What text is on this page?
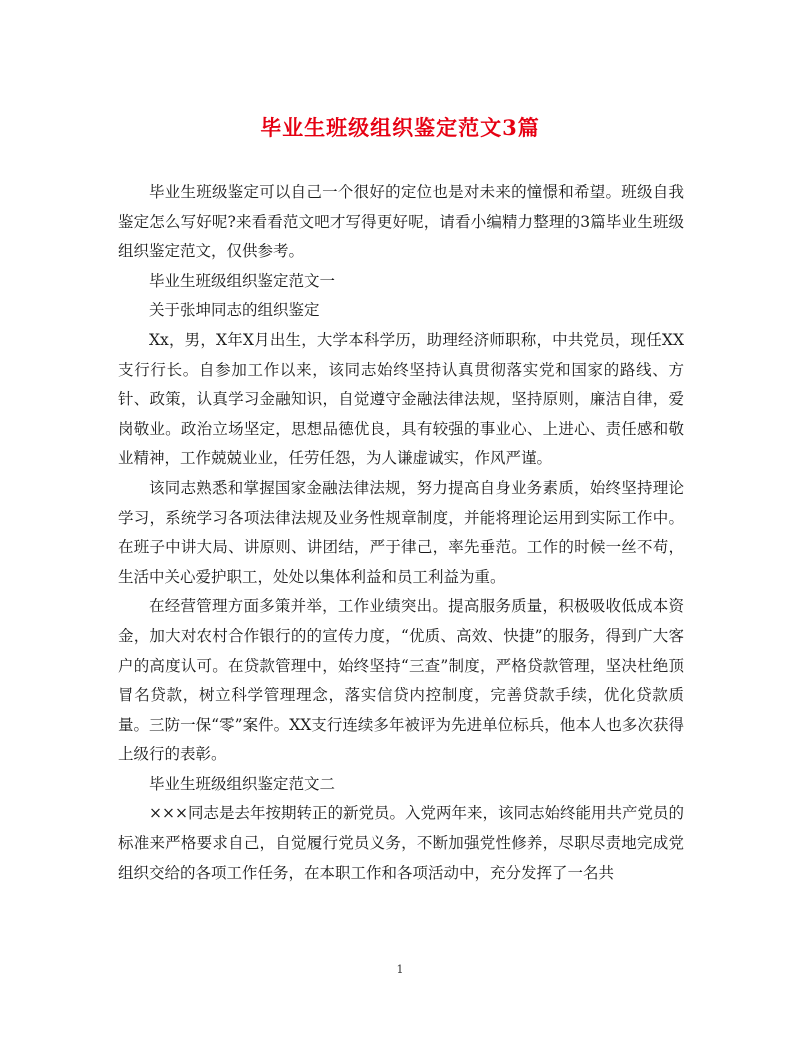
毕业生班级组织鉴定范文3篇

毕业生班级鉴定可以自己一个很好的定位也是对未来的憧憬和希望。班级自我鉴定怎么写好呢?来看看范文吧才写得更好呢，请看小编精力整理的3篇毕业生班级组织鉴定范文，仅供参考。

毕业生班级组织鉴定范文一

关于张坤同志的组织鉴定

Xx，男，X年X月出生，大学本科学历，助理经济师职称，中共党员，现任XX支行行长。自参加工作以来，该同志始终坚持认真贯彻落实党和国家的路线、方针、政策，认真学习金融知识，自觉遵守金融法律法规，坚持原则，廉洁自律，爱岗敬业。政治立场坚定，思想品德优良，具有较强的事业心、上进心、责任感和敬业精神，工作兢兢业业，任劳任怨，为人谦虚诚实，作风严谨。

该同志熟悉和掌握国家金融法律法规，努力提高自身业务素质，始终坚持理论学习，系统学习各项法律法规及业务性规章制度，并能将理论运用到实际工作中。在班子中讲大局、讲原则、讲团结，严于律己，率先垂范。工作的时候一丝不苟，生活中关心爱护职工，处处以集体利益和员工利益为重。

在经营管理方面多策并举，工作业绩突出。提高服务质量，积极吸收低成本资金，加大对农村合作银行的的宣传力度，“优质、高效、快捷”的服务，得到广大客户的高度认可。在贷款管理中，始终坚持“三查”制度，严格贷款管理，坚决杜绝顶冒名贷款，树立科学管理理念，落实信贷内控制度，完善贷款手续，优化贷款质量。三防一保“零”案件。XX支行连续多年被评为先进单位标兵，他本人也多次获得上级行的表彰。

毕业生班级组织鉴定范文二

×××同志是去年按期转正的新党员。入党两年来，该同志始终能用共产党员的标准来严格要求自己，自觉履行党员义务，不断加强党性修养，尽职尽责地完成党组织交给的各项工作任务，在本职工作和各项活动中，充分发挥了一名共

1
